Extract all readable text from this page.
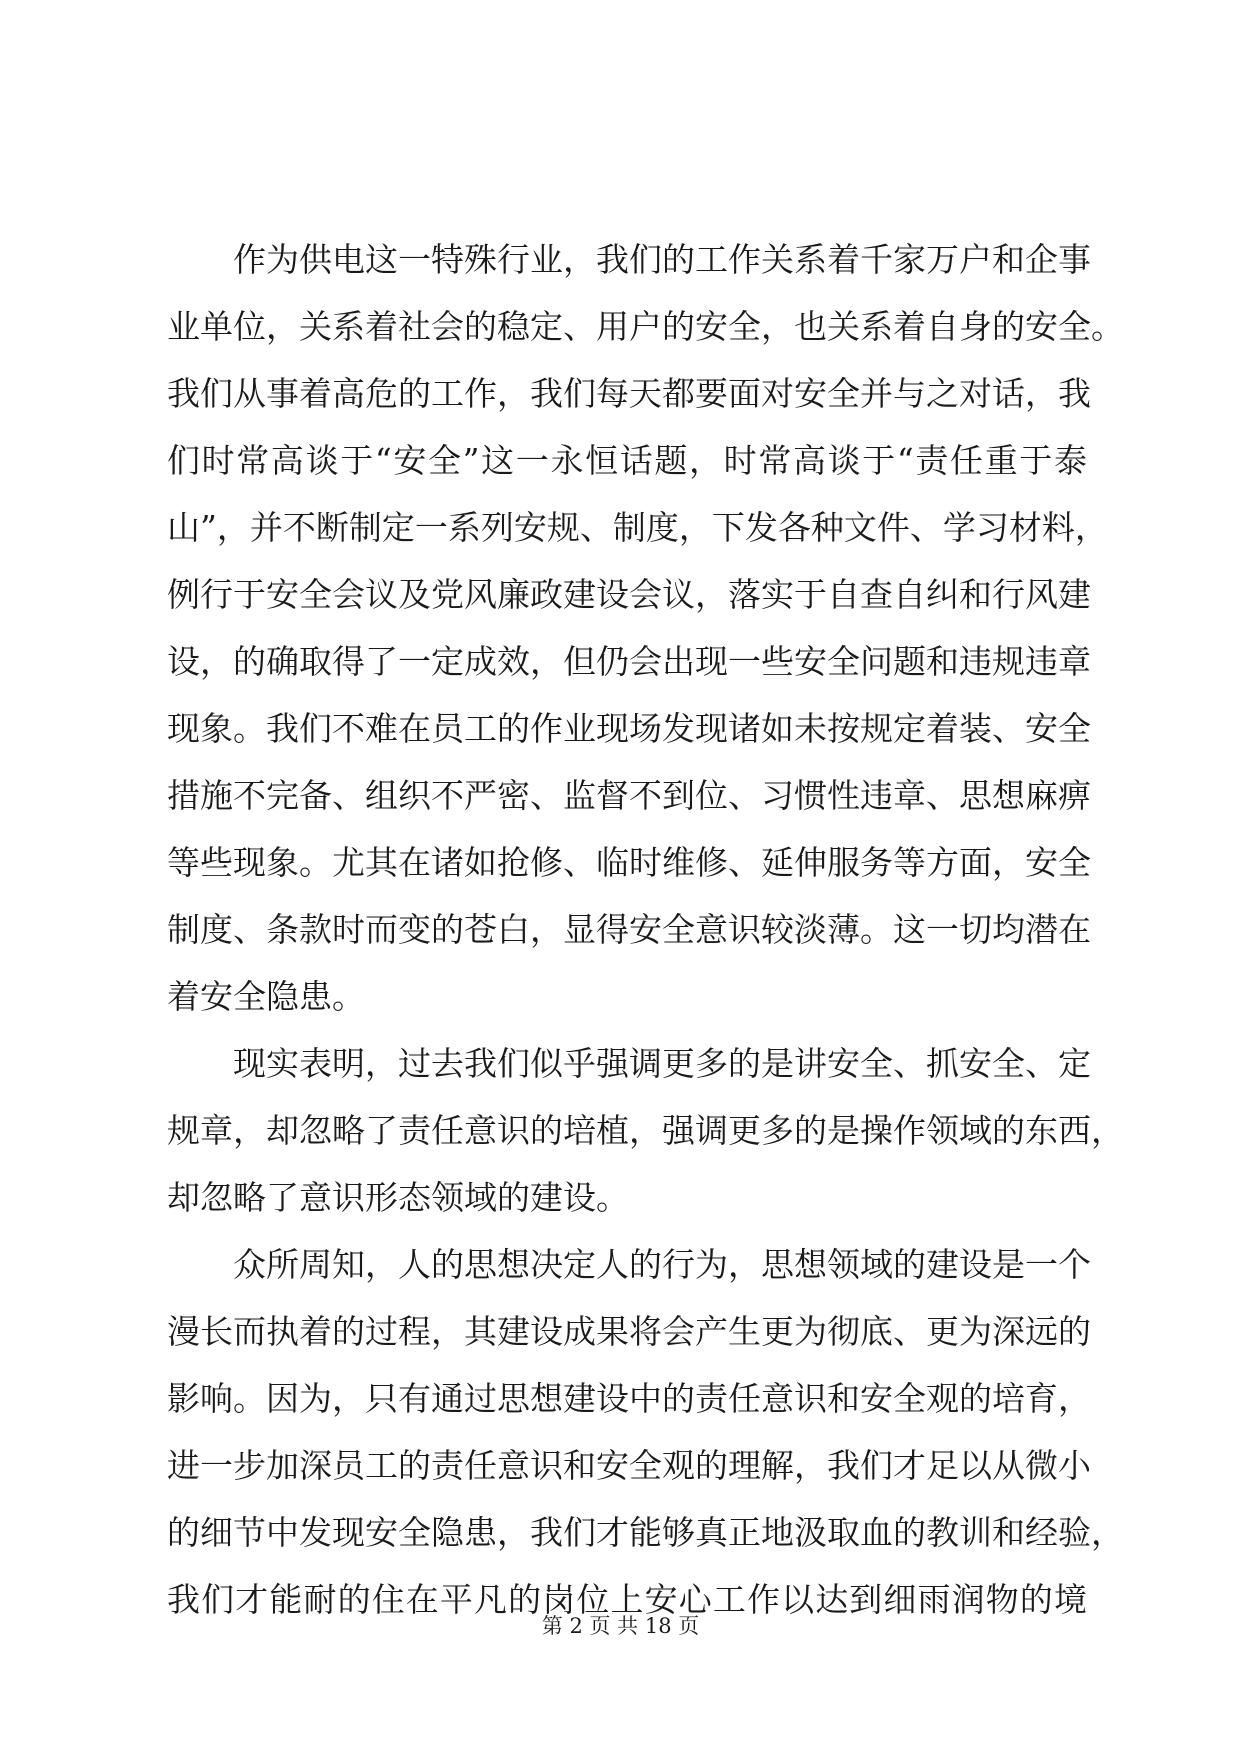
作为供电这一特殊行业，我们的工作关系着千家万户和企事
业单位，关系着社会的稳定、用户的安全，也关系着自身的安全。
我们从事着高危的工作，我们每天都要面对安全并与之对话，我
们时常高谈于“安全”这一永恒话题，时常高谈于“责任重于泰
山”，并不断制定一系列安规、制度，下发各种文件、学习材料，
例行于安全会议及党风廉政建设会议，落实于自查自纠和行风建
设，的确取得了一定成效，但仍会出现一些安全问题和违规违章
现象。我们不难在员工的作业现场发现诸如未按规定着装、安全
措施不完备、组织不严密、监督不到位、习惯性违章、思想麻痹
等些现象。尤其在诸如抢修、临时维修、延伸服务等方面，安全
制度、条款时而变的苍白，显得安全意识较淡薄。这一切均潜在
着安全隐患。
现实表明，过去我们似乎强调更多的是讲安全、抓安全、定
规章，却忽略了责任意识的培植，强调更多的是操作领域的东西，
却忽略了意识形态领域的建设。
众所周知，人的思想决定人的行为，思想领域的建设是一个
漫长而执着的过程，其建设成果将会产生更为彻底、更为深远的
影响。因为，只有通过思想建设中的责任意识和安全观的培育，
进一步加深员工的责任意识和安全观的理解，我们才足以从微小
的细节中发现安全隐患，我们才能够真正地汲取血的教训和经验，
我们才能耐的住在平凡的岗位上安心工作以达到细雨润物的境
第 2 页 共 18 页
